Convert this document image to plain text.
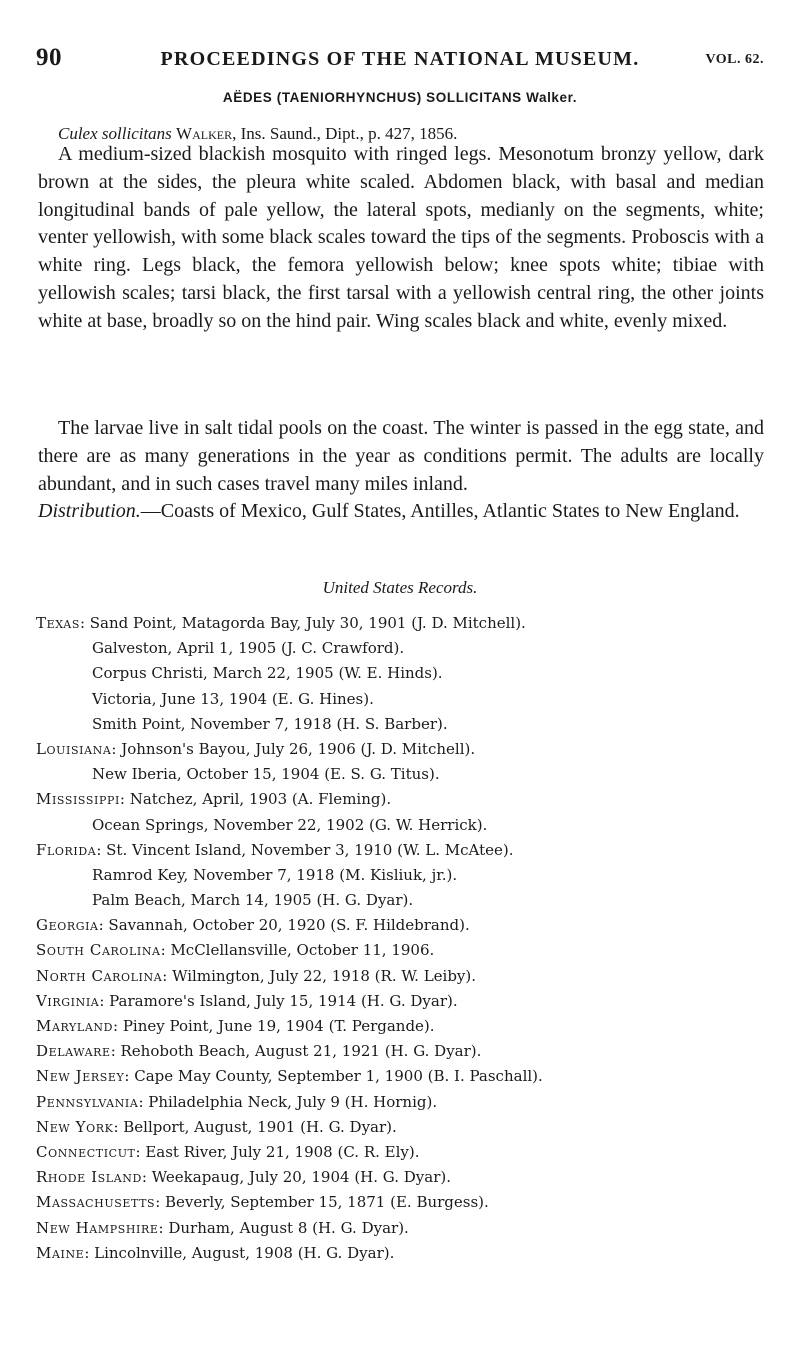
90	PROCEEDINGS OF THE NATIONAL MUSEUM.	VOL. 62.
AËDES (TAENIORHYNCHUS) SOLLICITANS Walker.
Culex sollicitans Walker, Ins. Saund., Dipt., p. 427, 1856.

A medium-sized blackish mosquito with ringed legs. Mesonotum bronzy yellow, dark brown at the sides, the pleura white scaled. Abdomen black, with basal and median longitudinal bands of pale yellow, the lateral spots, medianly on the segments, white; venter yellowish, with some black scales toward the tips of the segments. Proboscis with a white ring. Legs black, the femora yellowish below; knee spots white; tibiae with yellowish scales; tarsi black, the first tarsal with a yellowish central ring, the other joints white at base, broadly so on the hind pair. Wing scales black and white, evenly mixed.

The larvae live in salt tidal pools on the coast. The winter is passed in the egg state, and there are as many generations in the year as conditions permit. The adults are locally abundant, and in such cases travel many miles inland.
Distribution.—Coasts of Mexico, Gulf States, Antilles, Atlantic States to New England.

United States Records.
Texas: Sand Point, Matagorda Bay, July 30, 1901 (J. D. Mitchell).
Galveston, April 1, 1905 (J. C. Crawford).
Corpus Christi, March 22, 1905 (W. E. Hinds).
Victoria, June 13, 1904 (E. G. Hines).
Smith Point, November 7, 1918 (H. S. Barber).
Louisiana: Johnson's Bayou, July 26, 1906 (J. D. Mitchell).
New Iberia, October 15, 1904 (E. S. G. Titus).
Mississippi: Natchez, April, 1903 (A. Fleming).
Ocean Springs, November 22, 1902 (G. W. Herrick).
Florida: St. Vincent Island, November 3, 1910 (W. L. McAtee).
Ramrod Key, November 7, 1918 (M. Kisliuk, jr.).
Palm Beach, March 14, 1905 (H. G. Dyar).
Georgia: Savannah, October 20, 1920 (S. F. Hildebrand).
South Carolina: McClellansville, October 11, 1906.
North Carolina: Wilmington, July 22, 1918 (R. W. Leiby).
Virginia: Paramore's Island, July 15, 1914 (H. G. Dyar).
Maryland: Piney Point, June 19, 1904 (T. Pergande).
Delaware: Rehoboth Beach, August 21, 1921 (H. G. Dyar).
New Jersey: Cape May County, September 1, 1900 (B. I. Paschall).
Pennsylvania: Philadelphia Neck, July 9 (H. Hornig).
New York: Bellport, August, 1901 (H. G. Dyar).
Connecticut: East River, July 21, 1908 (C. R. Ely).
Rhode Island: Weekapaug, July 20, 1904 (H. G. Dyar).
Massachusetts: Beverly, September 15, 1871 (E. Burgess).
New Hampshire: Durham, August 8 (H. G. Dyar).
Maine: Lincolnville, August, 1908 (H. G. Dyar).
